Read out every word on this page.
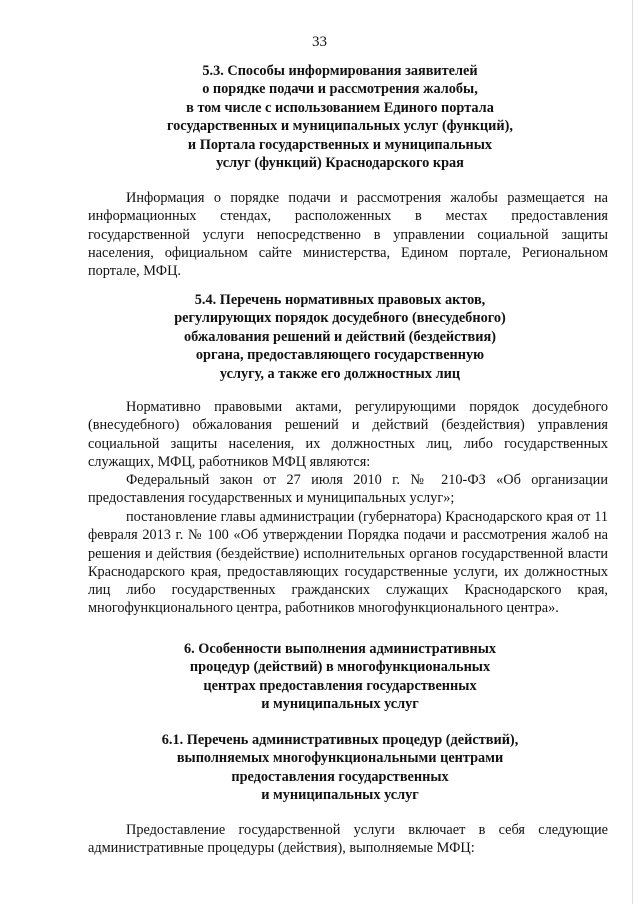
33
5.3. Способы информирования заявителей
о порядке подачи и рассмотрения жалобы,
в том числе с использованием Единого портала
государственных и муниципальных услуг (функций),
и Портала государственных и муниципальных
услуг (функций) Краснодарского края
Информация о порядке подачи и рассмотрения жалобы размещается на информационных стендах, расположенных в местах предоставления государственной услуги непосредственно в управлении социальной защиты населения, официальном сайте министерства, Едином портале, Региональном портале, МФЦ.
5.4. Перечень нормативных правовых актов,
регулирующих порядок досудебного (внесудебного)
обжалования решений и действий (бездействия)
органа, предоставляющего государственную
услугу, а также его должностных лиц
Нормативно правовыми актами, регулирующими порядок досудебного (внесудебного) обжалования решений и действий (бездействия) управления социальной защиты населения, их должностных лиц, либо государственных служащих, МФЦ, работников МФЦ являются:
Федеральный закон от 27 июля 2010 г. № 210-ФЗ «Об организации предоставления государственных и муниципальных услуг»;
постановление главы администрации (губернатора) Краснодарского края от 11 февраля 2013 г. № 100 «Об утверждении Порядка подачи и рассмотрения жалоб на решения и действия (бездействие) исполнительных органов государственной власти Краснодарского края, предоставляющих государственные услуги, их должностных лиц либо государственных гражданских служащих Краснодарского края, многофункционального центра, работников многофункционального центра».
6. Особенности выполнения административных
процедур (действий) в многофункциональных
центрах предоставления государственных
и муниципальных услуг
6.1. Перечень административных процедур (действий),
выполняемых многофункциональными центрами
предоставления государственных
и муниципальных услуг
Предоставление государственной услуги включает в себя следующие административные процедуры (действия), выполняемые МФЦ:
